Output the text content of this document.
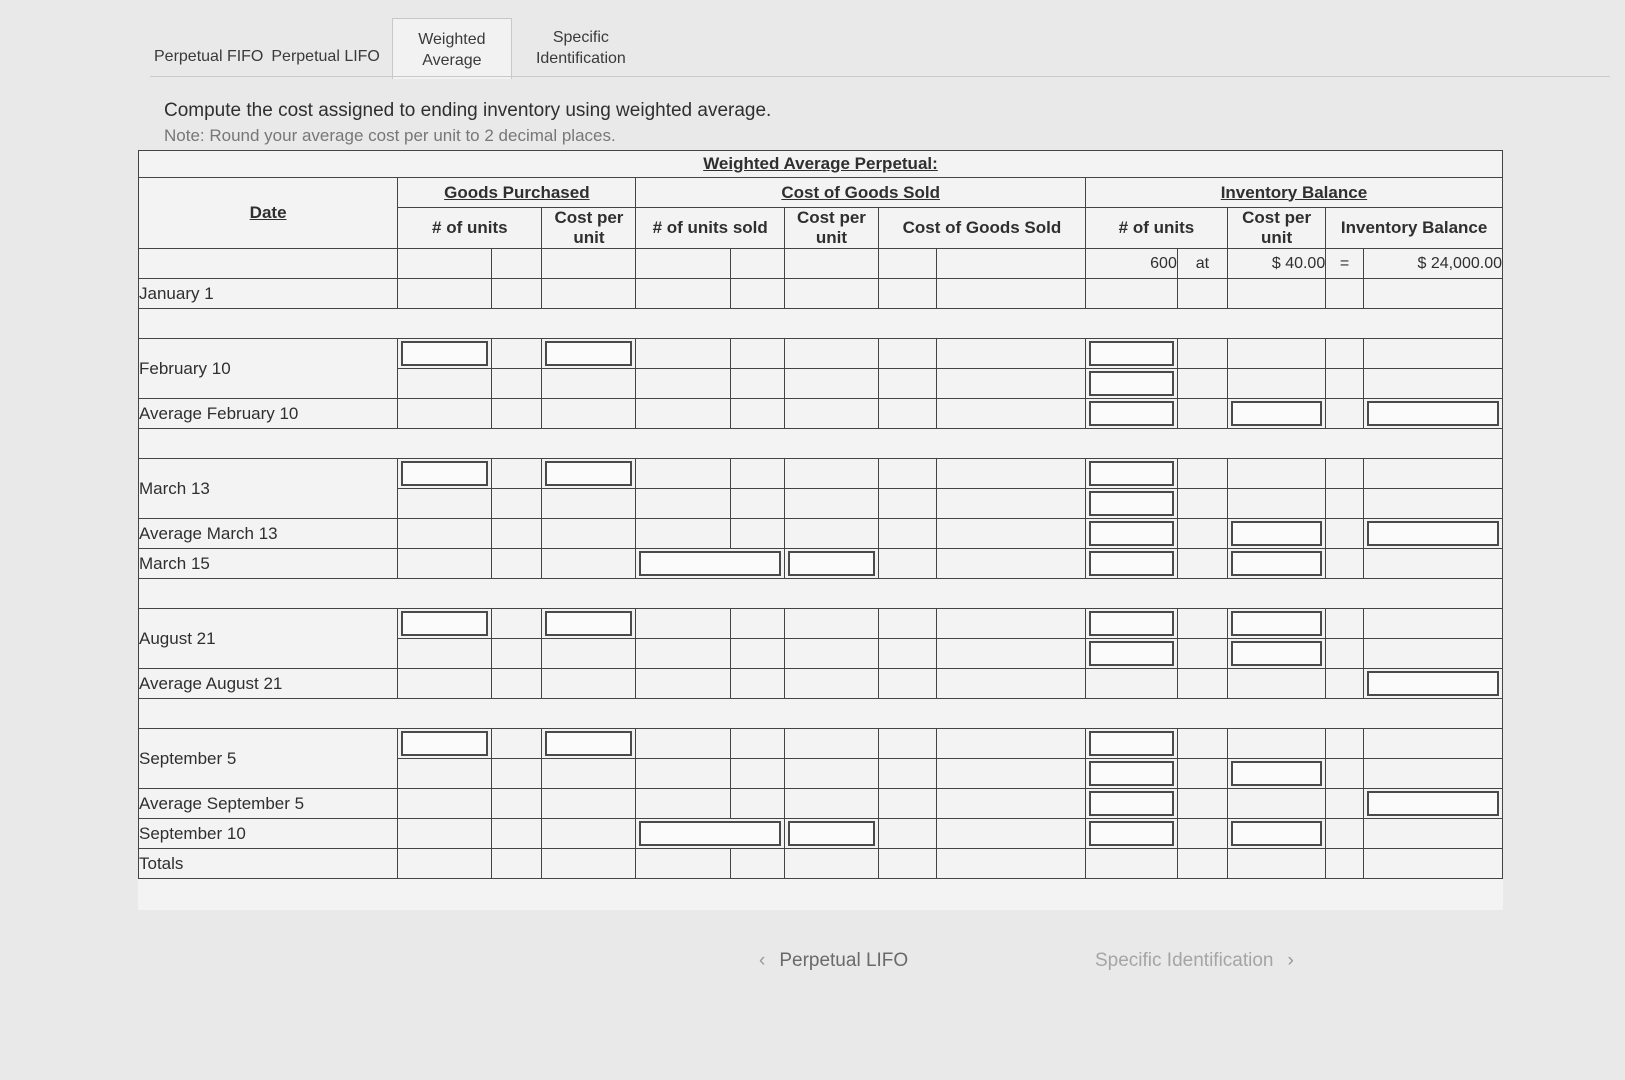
Perpetual FIFO Perpetual LIFO
Weighted Average
Specific Identification
Compute the cost assigned to ending inventory using weighted average.
Note: Round your average cost per unit to 2 decimal places.
Weighted Average Perpetual:													
Date	Goods Purchased			Cost of Goods Sold					Inventory Balance				
	# of units		Cost per unit	# of units sold		Cost per unit	Cost of Goods Sold		# of units		Cost per unit	Inventory Balance	
									600	at	$ 40.00	=	$ 24,000.00
January 1													

February 10	

Average February 10									

March 13	

Average March 13									

March 15					

August 21	

Average August 21													

September 5	

Average September 5									

September 10					

Totals													
‹ Perpetual LIFO	Specific Identification ›
